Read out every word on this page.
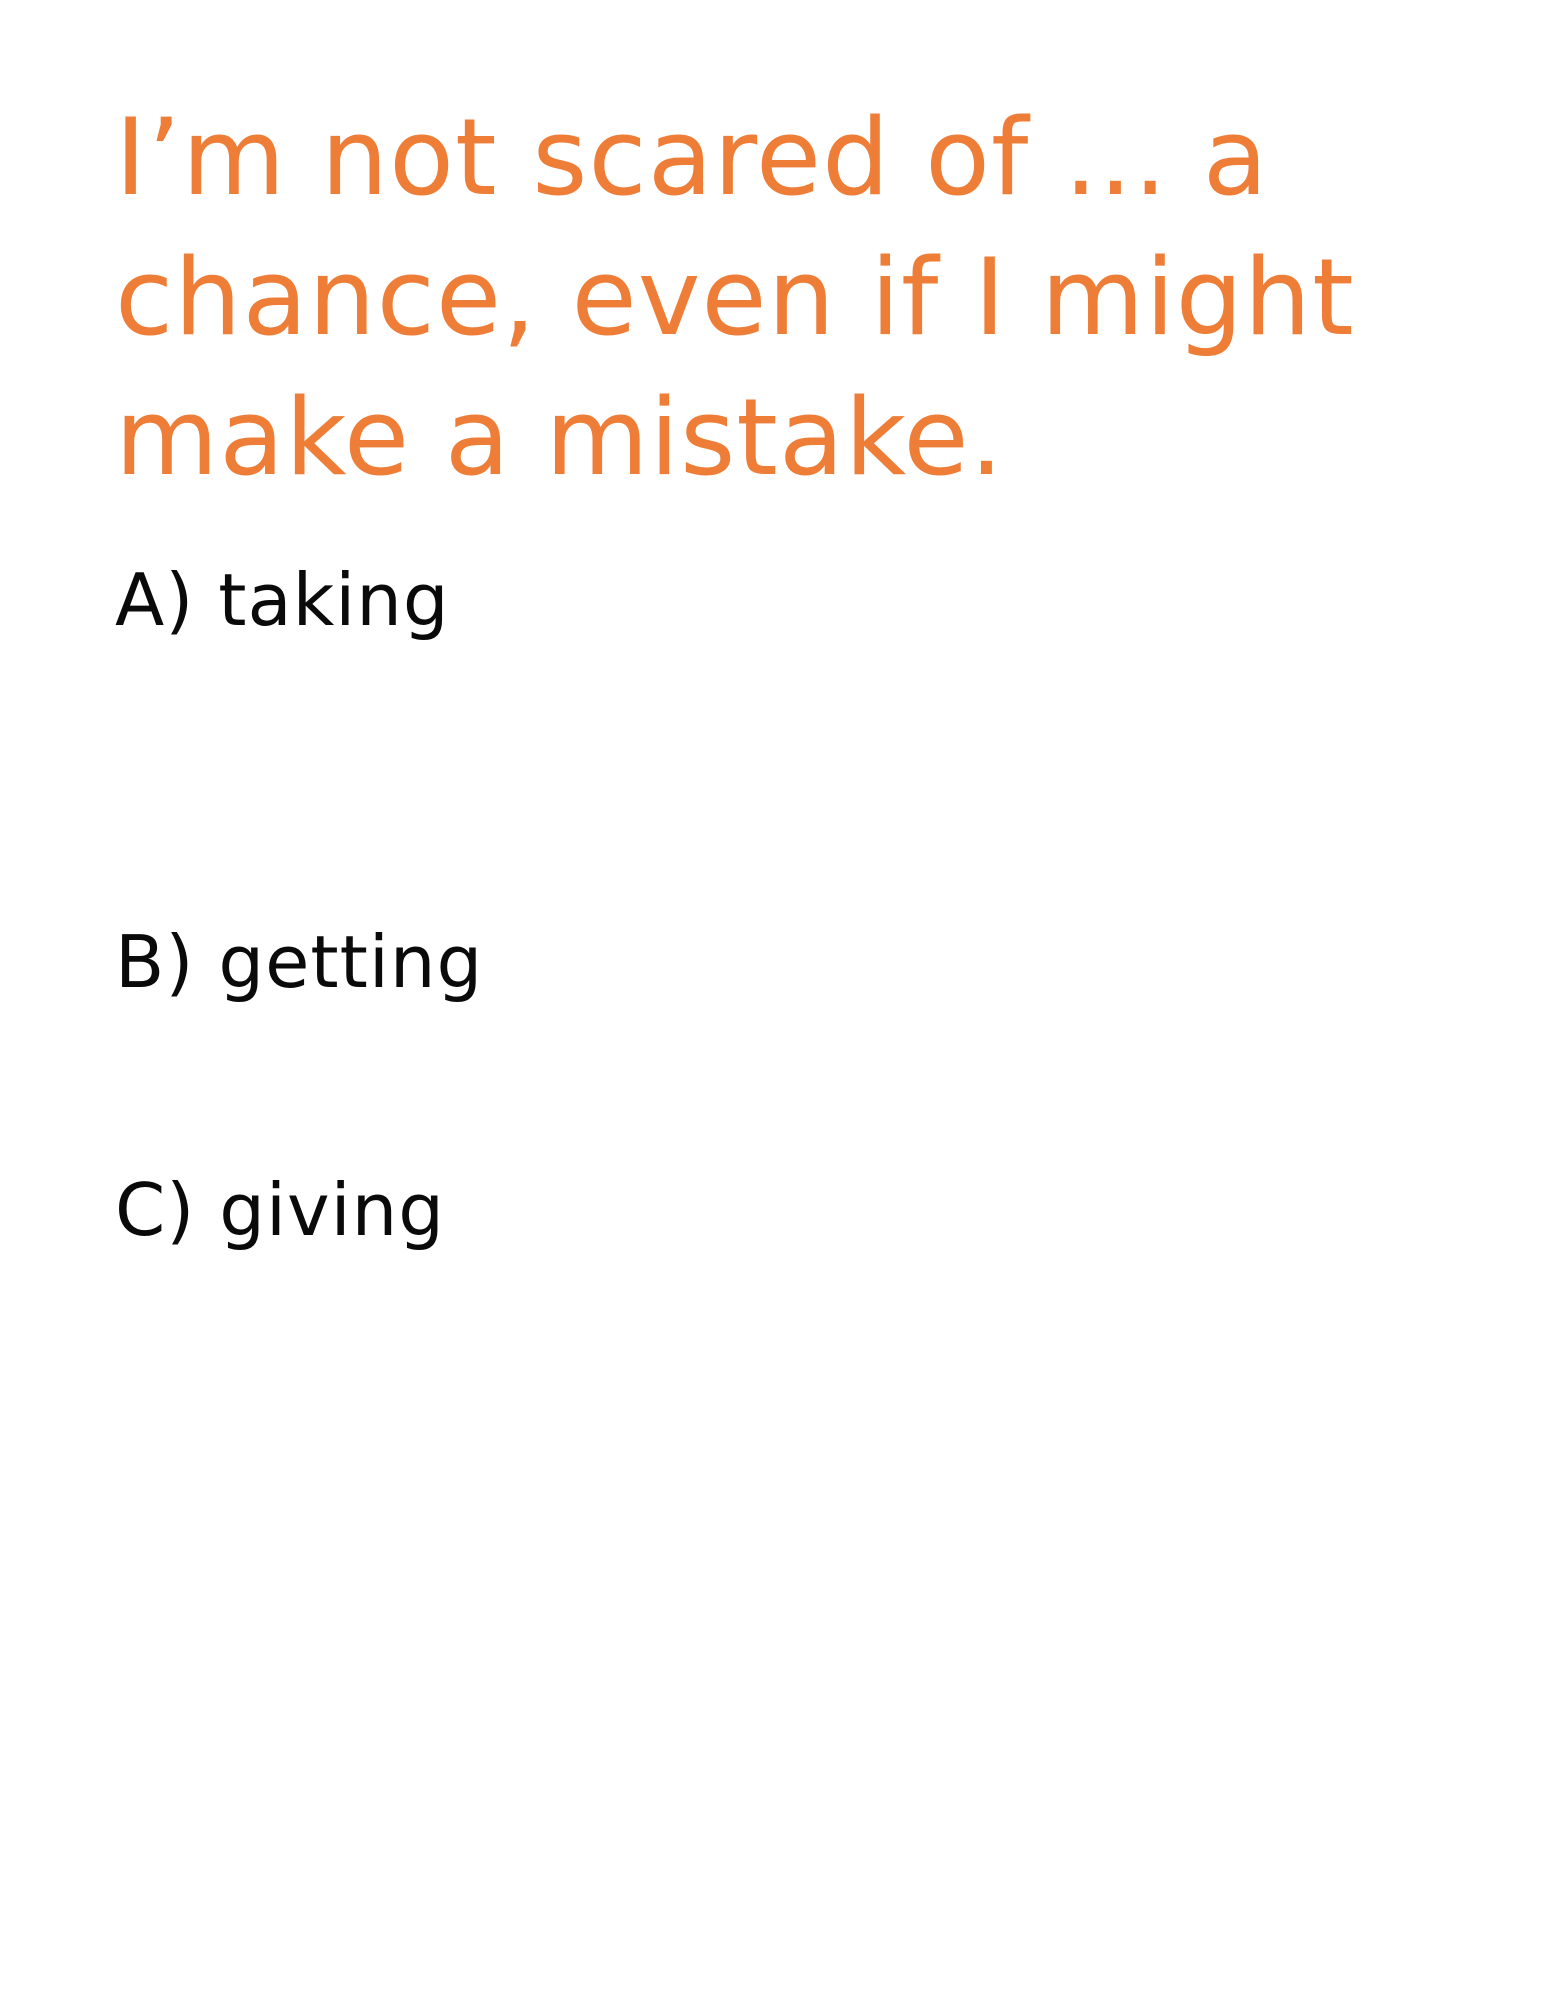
I’m not scared of ... a chance, even if I might make a mistake.
A) taking
B) getting
C) giving
